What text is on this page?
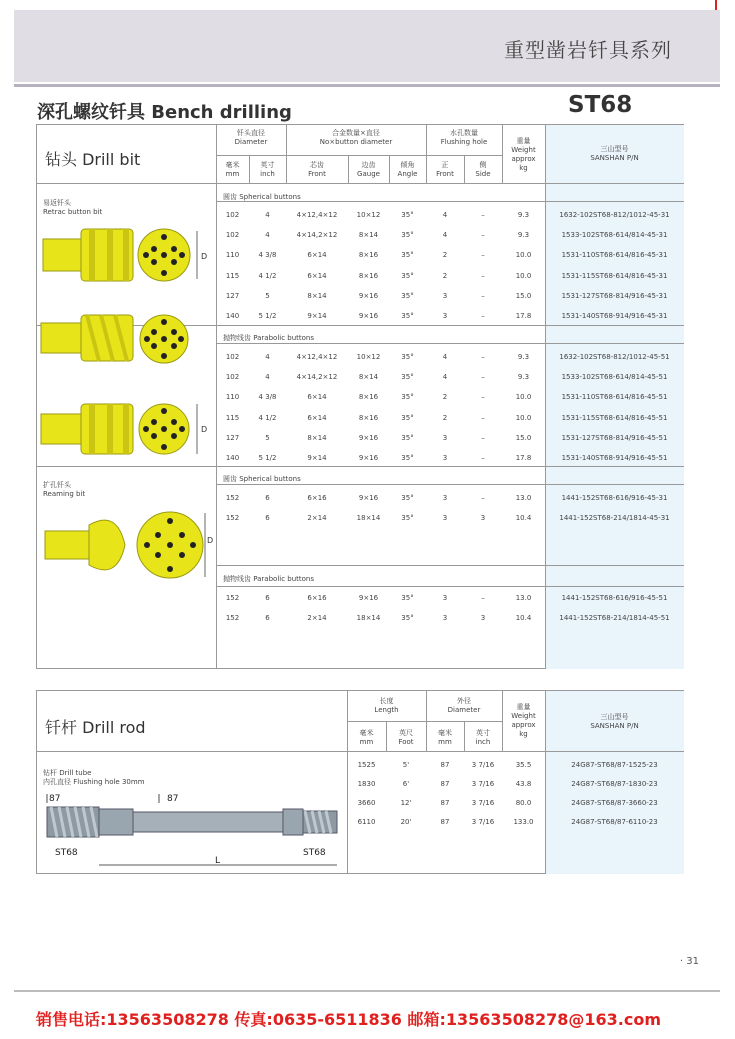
重型凿岩钎具系列
深孔螺纹钎具 Bench drilling	ST68
钻头 Drill bit
钎头直径
Diameter
毫米
mm
英寸
inch
合金数量×直径
No×button diameter
芯齿
Front
边齿
Gauge
倾角
Angle
水孔数量
Flushing hole
正
Front
侧
Side
重量
Weight
approx
kg
三山型号
SANSHAN P/N
易返钎头
Retrac button bit
扩孔钎头
Reaming bit
圆齿 Spherical buttons
抛物线齿 Parabolic buttons
圆齿 Spherical buttons
抛物线齿 Parabolic buttons
102	4	4×12,4×12	10×12	35°	4	–	9.3	1632-102ST68-812/1012-45-31
102	4	4×14,2×12	8×14	35°	4	–	9.3	1533-102ST68-614/814-45-31
110	4 3/8	6×14	8×16	35°	2	–	10.0	1531-110ST68-614/816-45-31
115	4 1/2	6×14	8×16	35°	2	–	10.0	1531-115ST68-614/816-45-31
127	5	8×14	9×16	35°	3	–	15.0	1531-127ST68-814/916-45-31
140	5 1/2	9×14	9×16	35°	3	–	17.8	1531-140ST68-914/916-45-31
102	4	4×12,4×12	10×12	35°	4	–	9.3	1632-102ST68-812/1012-45-51
102	4	4×14,2×12	8×14	35°	4	–	9.3	1533-102ST68-614/814-45-51
110	4 3/8	6×14	8×16	35°	2	–	10.0	1531-110ST68-614/816-45-51
115	4 1/2	6×14	8×16	35°	2	–	10.0	1531-115ST68-614/816-45-51
127	5	8×14	9×16	35°	3	–	15.0	1531-127ST68-814/916-45-51
140	5 1/2	9×14	9×16	35°	3	–	17.8	1531-140ST68-914/916-45-51
152	6	6×16	9×16	35°	3	–	13.0	1441-152ST68-616/916-45-31
152	6	2×14	18×14	35°	3	3	10.4	1441-152ST68-214/1814-45-31
152	6	6×16	9×16	35°	3	–	13.0	1441-152ST68-616/916-45-51
152	6	2×14	18×14	35°	3	3	10.4	1441-152ST68-214/1814-45-51
D
D
D
钎杆 Drill rod
长度
Length
毫米
mm
英尺
Foot
外径
Diameter
毫米
mm
英寸
inch
重量
Weight
approx
kg
三山型号
SANSHAN P/N
钻杆 Drill tube
内孔直径 Flushing hole 30mm
1525	5'	87	3 7/16	35.5	24G87-ST68/87-1525-23
1830	6'	87	3 7/16	43.8	24G87-ST68/87-1830-23
3660	12'	87	3 7/16	80.0	24G87-ST68/87-3660-23
6110	20'	87	3 7/16	133.0	24G87-ST68/87-6110-23
87	87
ST68	ST68
L
· 31
销售电话:13563508278 传真:0635-6511836 邮箱:13563508278@163.com
